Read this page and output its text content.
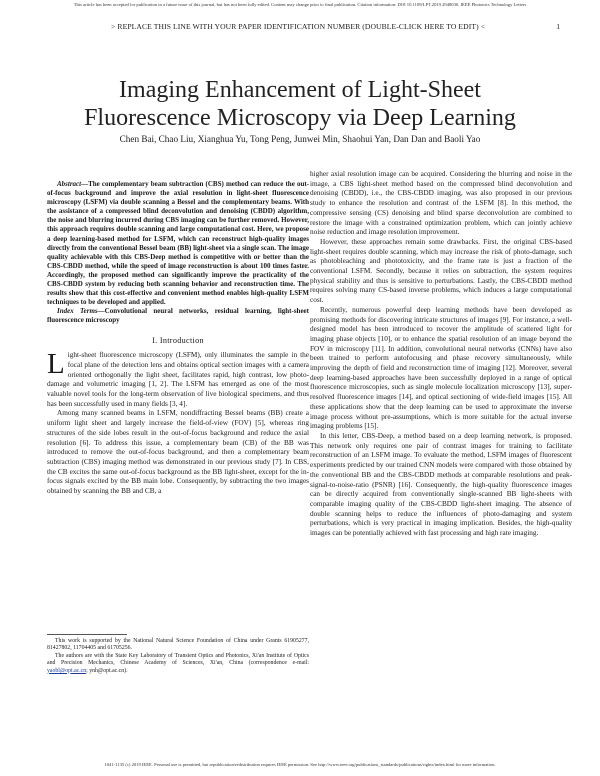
This article has been accepted for publication in a future issue of this journal, but has not been fully edited. Content may change prior to final publication. Citation information: DOI 10.1109/LPT.2019.2948030, IEEE Photonics Technology Letters
> REPLACE THIS LINE WITH YOUR PAPER IDENTIFICATION NUMBER (DOUBLE-CLICK HERE TO EDIT) <	1
Imaging Enhancement of Light-Sheet
Fluorescence Microscopy via Deep Learning
Chen Bai, Chao Liu, Xianghua Yu, Tong Peng, Junwei Min, Shaohui Yan, Dan Dan and Baoli Yao

Abstract—The complementary beam subtraction (CBS) method can reduce the out-of-focus background and improve the axial resolution in light-sheet fluorescence microscopy (LSFM) via double scanning a Bessel and the complementary beams. With the assistance of a compressed blind deconvolution and denoising (CBDD) algorithm, the noise and blurring incurred during CBS imaging can be further removed. However, this approach requires double scanning and large computational cost. Here, we propose a deep learning-based method for LSFM, which can reconstruct high-quality images directly from the conventional Bessel beam (BB) light-sheet via a single scan. The image quality achievable with this CBS-Deep method is competitive with or better than the CBS-CBDD method, while the speed of image reconstruction is about 100 times faster. Accordingly, the proposed method can significantly improve the practicality of the CBS-CBDD system by reducing both scanning behavior and reconstruction time. The results show that this cost-effective and convenient method enables high-quality LSFM techniques to be developed and applied.

Index Terms—Convolutional neural networks, residual learning, light-sheet fluorescence microscopy

I. Introduction

Light-sheet fluorescence microscopy (LSFM), only illuminates the sample in the focal plane of the detection lens and obtains optical section images with a camera oriented orthogonally the light sheet, facilitates rapid, high contrast, low photo-damage and volumetric imaging [1, 2]. The LSFM has emerged as one of the most valuable novel tools for the long-term observation of live biological specimens, and thus has been successfully used in many fields [3, 4].

Among many scanned beams in LSFM, nondiffracting Bessel beams (BB) create a uniform light sheet and largely increase the field-of-view (FOV) [5], whereas ring structures of the side lobes result in the out-of-focus background and reduce the axial resolution [6]. To address this issue, a complementary beam (CB) of the BB was introduced to remove the out-of-focus background, and then a complementary beam subtraction (CBS) imaging method was demonstrated in our previous study [7]. In CBS, the CB excites the same out-of-focus background as the BB light-sheet, except for the in-focus signals excited by the BB main lobe. Consequently, by subtracting the two images obtained by scanning the BB and CB, a

This work is supported by the National Natural Science Foundation of China under Grants 61905277, 81427802, 11704405 and 61705256.

The authors are with the State Key Laboratory of Transient Optics and Photonics, Xi'an Institute of Optics and Precision Mechanics, Chinese Academy of Sciences, Xi'an, China (correspondence e-mail: yaobl@opt.ac.cn; ynh@opt.ac.cn).

higher axial resolution image can be acquired. Considering the blurring and noise in the image, a CBS light-sheet method based on the compressed blind deconvolution and denoising (CBDD), i.e., the CBS-CBDD imaging, was also proposed in our previous study to enhance the resolution and contrast of the LSFM [8]. In this method, the compressive sensing (CS) denoising and blind sparse deconvolution are combined to restore the image with a constrained optimization problem, which can jointly achieve noise reduction and image resolution improvement.

However, these approaches remain some drawbacks. First, the original CBS-based light-sheet requires double scanning, which may increase the risk of photo-damage, such as photobleaching and phototoxicity, and the frame rate is just a fraction of the conventional LSFM. Secondly, because it relies on subtraction, the system requires physical stability and thus is sensitive to perturbations. Lastly, the CBS-CBDD method requires solving many CS-based inverse problems, which induces a large computational cost.

Recently, numerous powerful deep learning methods have been developed as promising methods for discovering intricate structures of images [9]. For instance, a well-designed model has been introduced to recover the amplitude of scattered light for imaging phase objects [10], or to enhance the spatial resolution of an image beyond the FOV in microscopy [11]. In addition, convolutional neural networks (CNNs) have also been trained to perform autofocusing and phase recovery simultaneously, while improving the depth of field and reconstruction time of imaging [12]. Moreover, several deep learning-based approaches have been successfully deployed in a range of optical fluorescence microscopies, such as single molecule localization microscopy [13], super-resolved fluorescence images [14], and optical sectioning of wide-field images [15]. All these applications show that the deep learning can be used to approximate the inverse image process without pre-assumptions, which is more suitable for the actual inverse imaging problems [15].

In this letter, CBS-Deep, a method based on a deep learning network, is proposed. This network only requires one pair of contrast images for training to facilitate reconstruction of an LSFM image. To evaluate the method, LSFM images of fluorescent experiments predicted by our trained CNN models were compared with those obtained by the conventional BB and the CBS-CBDD methods at comparable resolutions and peak-signal-to-noise-ratio (PSNR) [16]. Consequently, the high-quality fluorescence images can be directly acquired from conventionally single-scanned BB light-sheets with comparable imaging quality of the CBS-CBDD light-sheet imaging. The absence of double scanning helps to reduce the influences of photo-damaging and system perturbations, which is very practical in imaging implication. Besides, the high-quality images can be potentially achieved with fast processing and high rate imaging.

1041-1135 (c) 2019 IEEE. Personal use is permitted, but republication/redistribution requires IEEE permission. See http://www.ieee.org/publications_standards/publications/rights/index.html for more information.
